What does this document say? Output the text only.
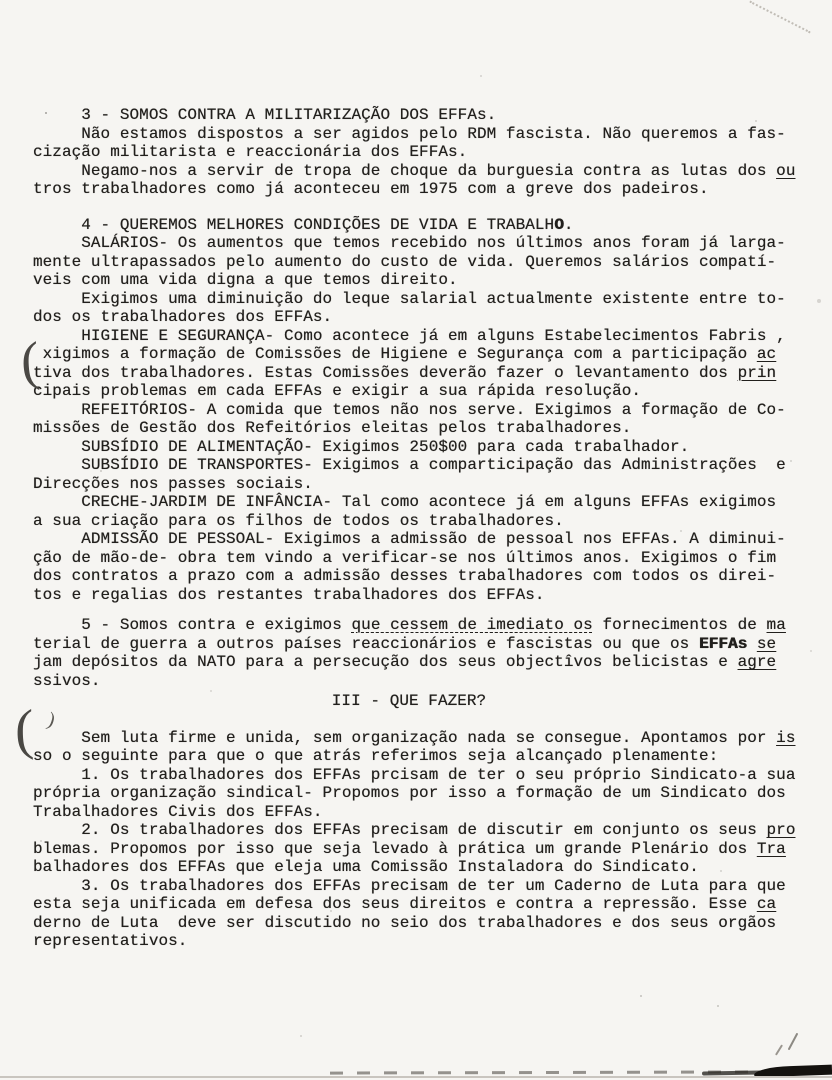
3 - SOMOS CONTRA A MILITARIZAÇÃO DOS EFFAs.
Não estamos dispostos a ser agidos pelo RDM fascista. Não queremos a fas-
cização militarista e reaccionária dos EFFAs.
Negamo-nos a servir de tropa de choque da burguesia contra as lutas dos ou
tros trabalhadores como já aconteceu em 1975 com a greve dos padeiros.
4 - QUEREMOS MELHORES CONDIÇÕES DE VIDA E TRABALHO.
SALÁRIOS- Os aumentos que temos recebido nos últimos anos foram já larga-
mente ultrapassados pelo aumento do custo de vida. Queremos salários compatí-
veis com uma vida digna a que temos direito.
Exigimos uma diminuição do leque salarial actualmente existente entre to-
dos os trabalhadores dos EFFAs.
HIGIENE E SEGURANÇA- Como acontece já em alguns Estabelecimentos Fabris ,
xigimos a formação de Comissões de Higiene e Segurança com a participação ac
tiva dos trabalhadores. Estas Comissões deverão fazer o levantamento dos prin
cipais problemas em cada EFFAs e exigir a sua rápida resolução.
REFEITÓRIOS- A comida que temos não nos serve. Exigimos a formação de Co-
missões de Gestão dos Refeitórios eleitas pelos trabalhadores.
SUBSÍDIO DE ALIMENTAÇÃO- Exigimos 250$00 para cada trabalhador.
SUBSÍDIO DE TRANSPORTES- Exigimos a comparticipação das Administrações  e
Direcções nos passes sociais.
CRECHE-JARDIM DE INFÂNCIA- Tal como acontece já em alguns EFFAs exigimos
a sua criação para os filhos de todos os trabalhadores.
ADMISSÃO DE PESSOAL- Exigimos a admissão de pessoal nos EFFAs. A diminui-
ção de mão-de- obra tem vindo a verificar-se nos últimos anos. Exigimos o fim
dos contratos a prazo com a admissão desses trabalhadores com todos os direi-
tos e regalias dos restantes trabalhadores dos EFFAs.
5 - Somos contra e exigimos que cessem de imediato os fornecimentos de ma
terial de guerra a outros países reaccionários e fascistas ou que os EFFAs se
jam depósitos da NATO para a persecução dos seus objectîvos belicistas e agre
ssivos.
III - QUE FAZER?
Sem luta firme e unida, sem organização nada se consegue. Apontamos por is
so o seguinte para que o que atrás referimos seja alcançado plenamente:
1. Os trabalhadores dos EFFAs prcisam de ter o seu próprio Sindicato-a sua
própria organização sindical- Propomos por isso a formação de um Sindicato dos
Trabalhadores Civis dos EFFAs.
2. Os trabalhadores dos EFFAs precisam de discutir em conjunto os seus pro
blemas. Propomos por isso que seja levado à prática um grande Plenário dos Tra
balhadores dos EFFAs que eleja uma Comissão Instaladora do Sindicato.
3. Os trabalhadores dos EFFAs precisam de ter um Caderno de Luta para que
esta seja unificada em defesa dos seus direitos e contra a repressão. Esse ca
derno de Luta  deve ser discutido no seio dos trabalhadores e dos seus orgãos
representativos.
(
( )
